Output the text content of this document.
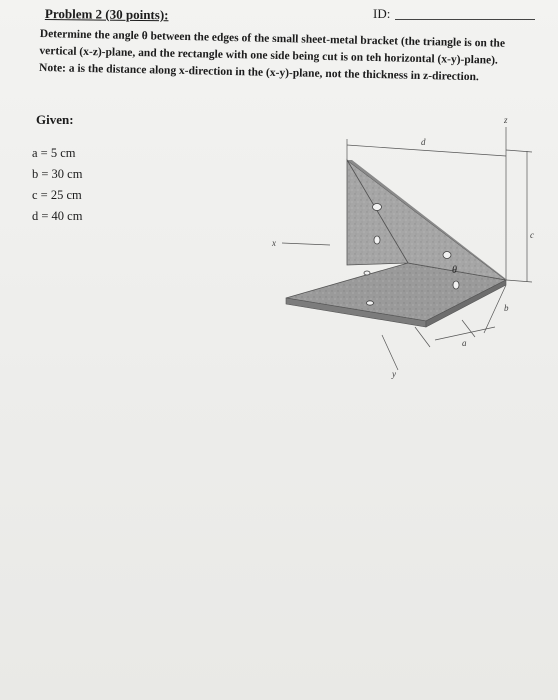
Problem 2 (30 points):	ID:

Determine the angle θ between the edges of the small sheet-metal bracket (the triangle is on the

vertical (x-z)-plane, and the rectangle with one side being cut is on teh horizontal (x-y)-plane).

Note: a is the distance along x-direction in the (x-y)-plane, not the thickness in z-direction.

Given:
a = 5 cm
b = 30 cm
c = 25 cm
d = 40 cm
d
z
c
b
a
x
y
θ
